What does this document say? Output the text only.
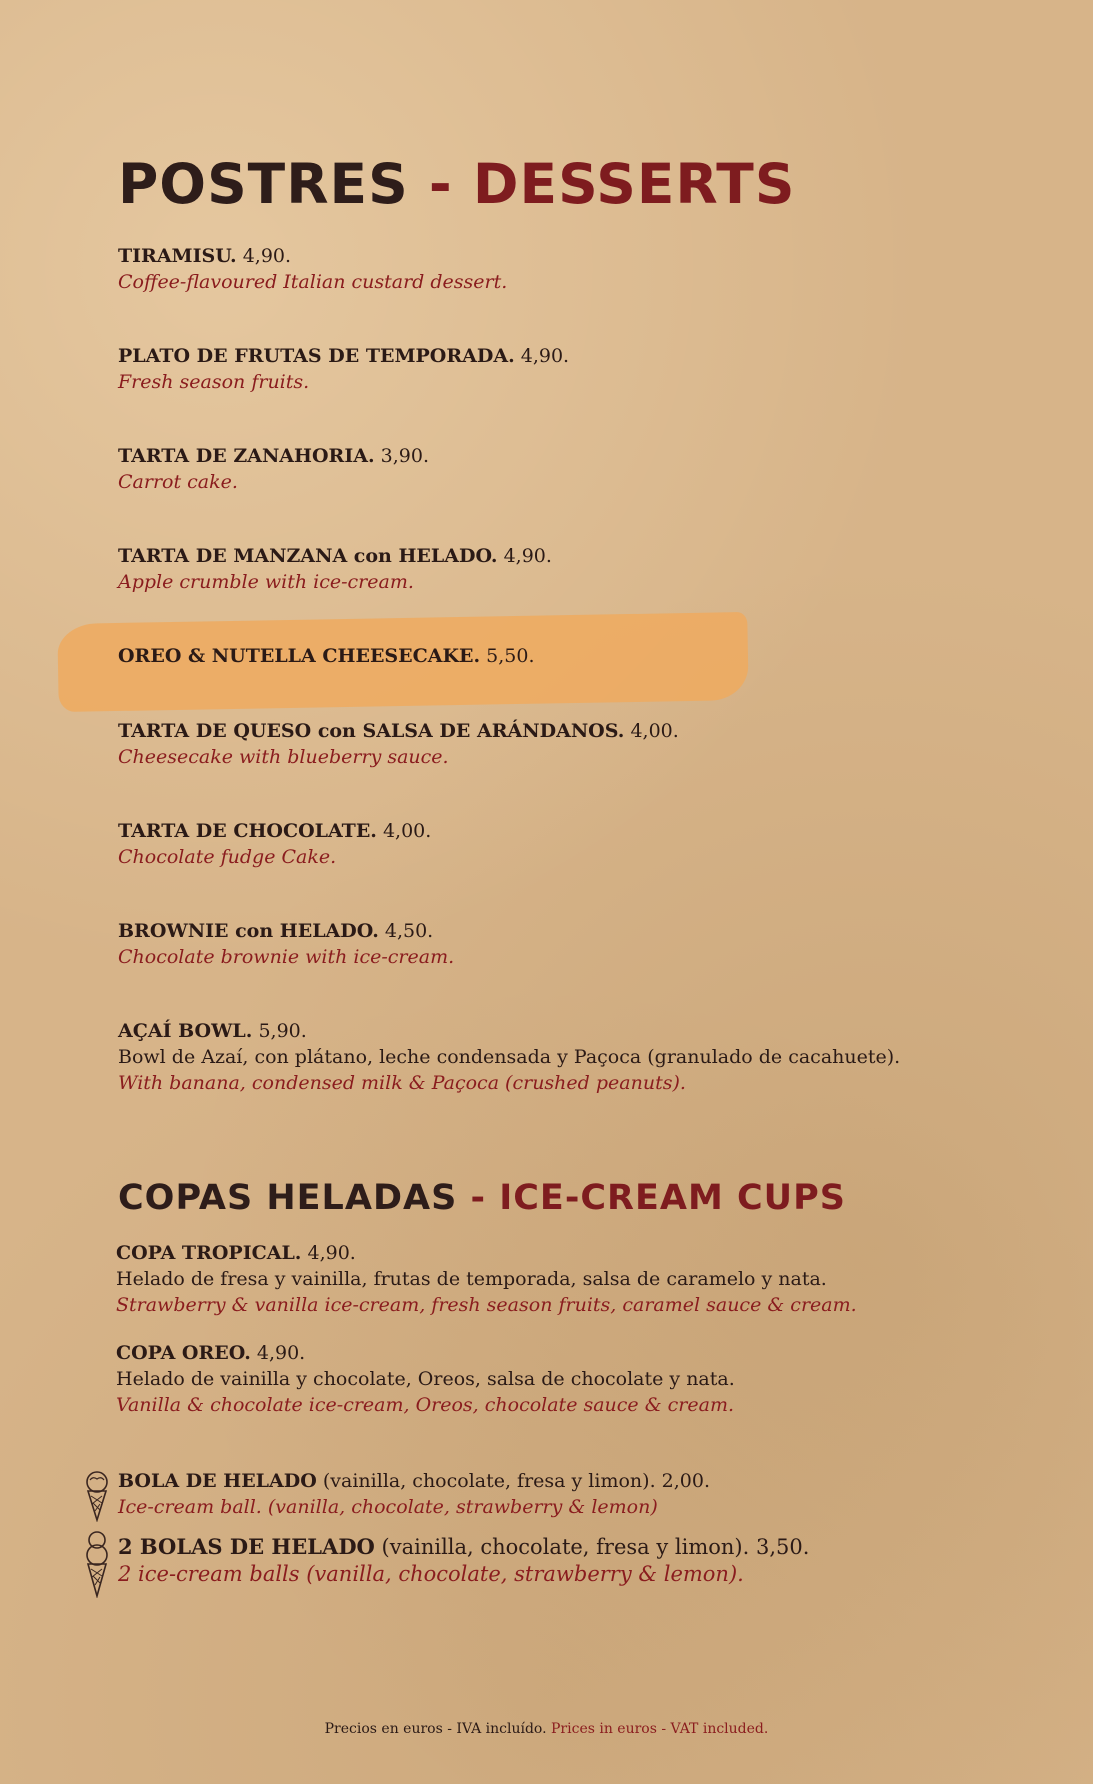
POSTRES - DESSERTS
TIRAMISU. 4,90.
Coffee-flavoured Italian custard dessert.
PLATO DE FRUTAS DE TEMPORADA. 4,90.
Fresh season fruits.
TARTA DE ZANAHORIA. 3,90.
Carrot cake.
TARTA DE MANZANA con HELADO. 4,90.
Apple crumble with ice-cream.
OREO & NUTELLA CHEESECAKE. 5,50.
TARTA DE QUESO con SALSA DE ARÁNDANOS. 4,00.
Cheesecake with blueberry sauce.
TARTA DE CHOCOLATE. 4,00.
Chocolate fudge Cake.
BROWNIE con HELADO. 4,50.
Chocolate brownie with ice-cream.
AÇAÍ BOWL. 5,90.
Bowl de Azaí, con plátano, leche condensada y Paçoca (granulado de cacahuete).
With banana, condensed milk & Paçoca (crushed peanuts).
COPAS HELADAS - ICE-CREAM CUPS
COPA TROPICAL. 4,90.
Helado de fresa y vainilla, frutas de temporada, salsa de caramelo y nata.
Strawberry & vanilla ice-cream, fresh season fruits, caramel sauce & cream.
COPA OREO. 4,90.
Helado de vainilla y chocolate, Oreos, salsa de chocolate y nata.
Vanilla & chocolate ice-cream, Oreos, chocolate sauce & cream.
BOLA DE HELADO (vainilla, chocolate, fresa y limon). 2,00.
Ice-cream ball. (vanilla, chocolate, strawberry & lemon)
2 BOLAS DE HELADO (vainilla, chocolate, fresa y limon). 3,50.
2 ice-cream balls (vanilla, chocolate, strawberry & lemon).
Precios en euros - IVA incluído. Prices in euros - VAT included.
